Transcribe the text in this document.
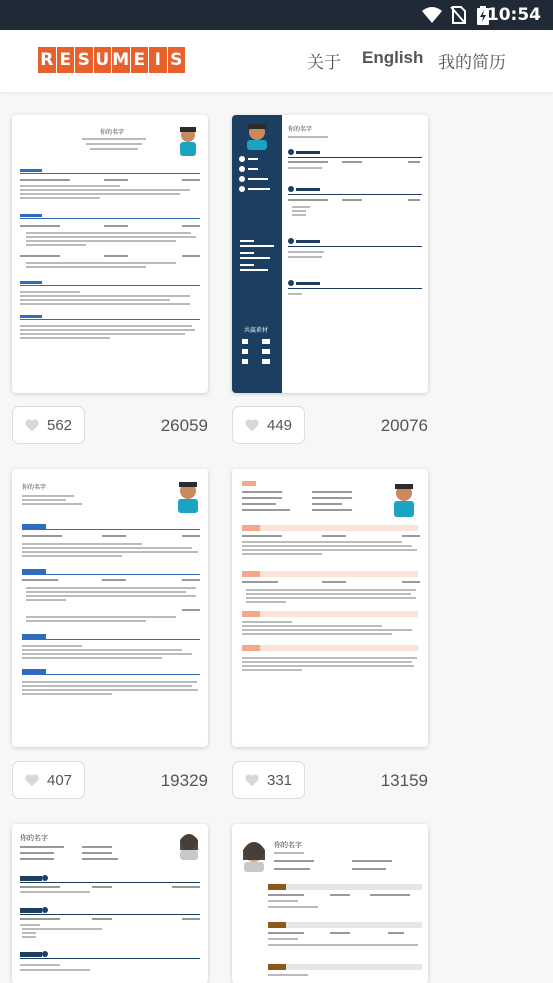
10:54
R E S U M E I S	关于 English 我的简历
你的名字
562	26059
共赢素材
你的名字
449	20076
你的名字
407	19329	331	13159
你的名字
你的名字
